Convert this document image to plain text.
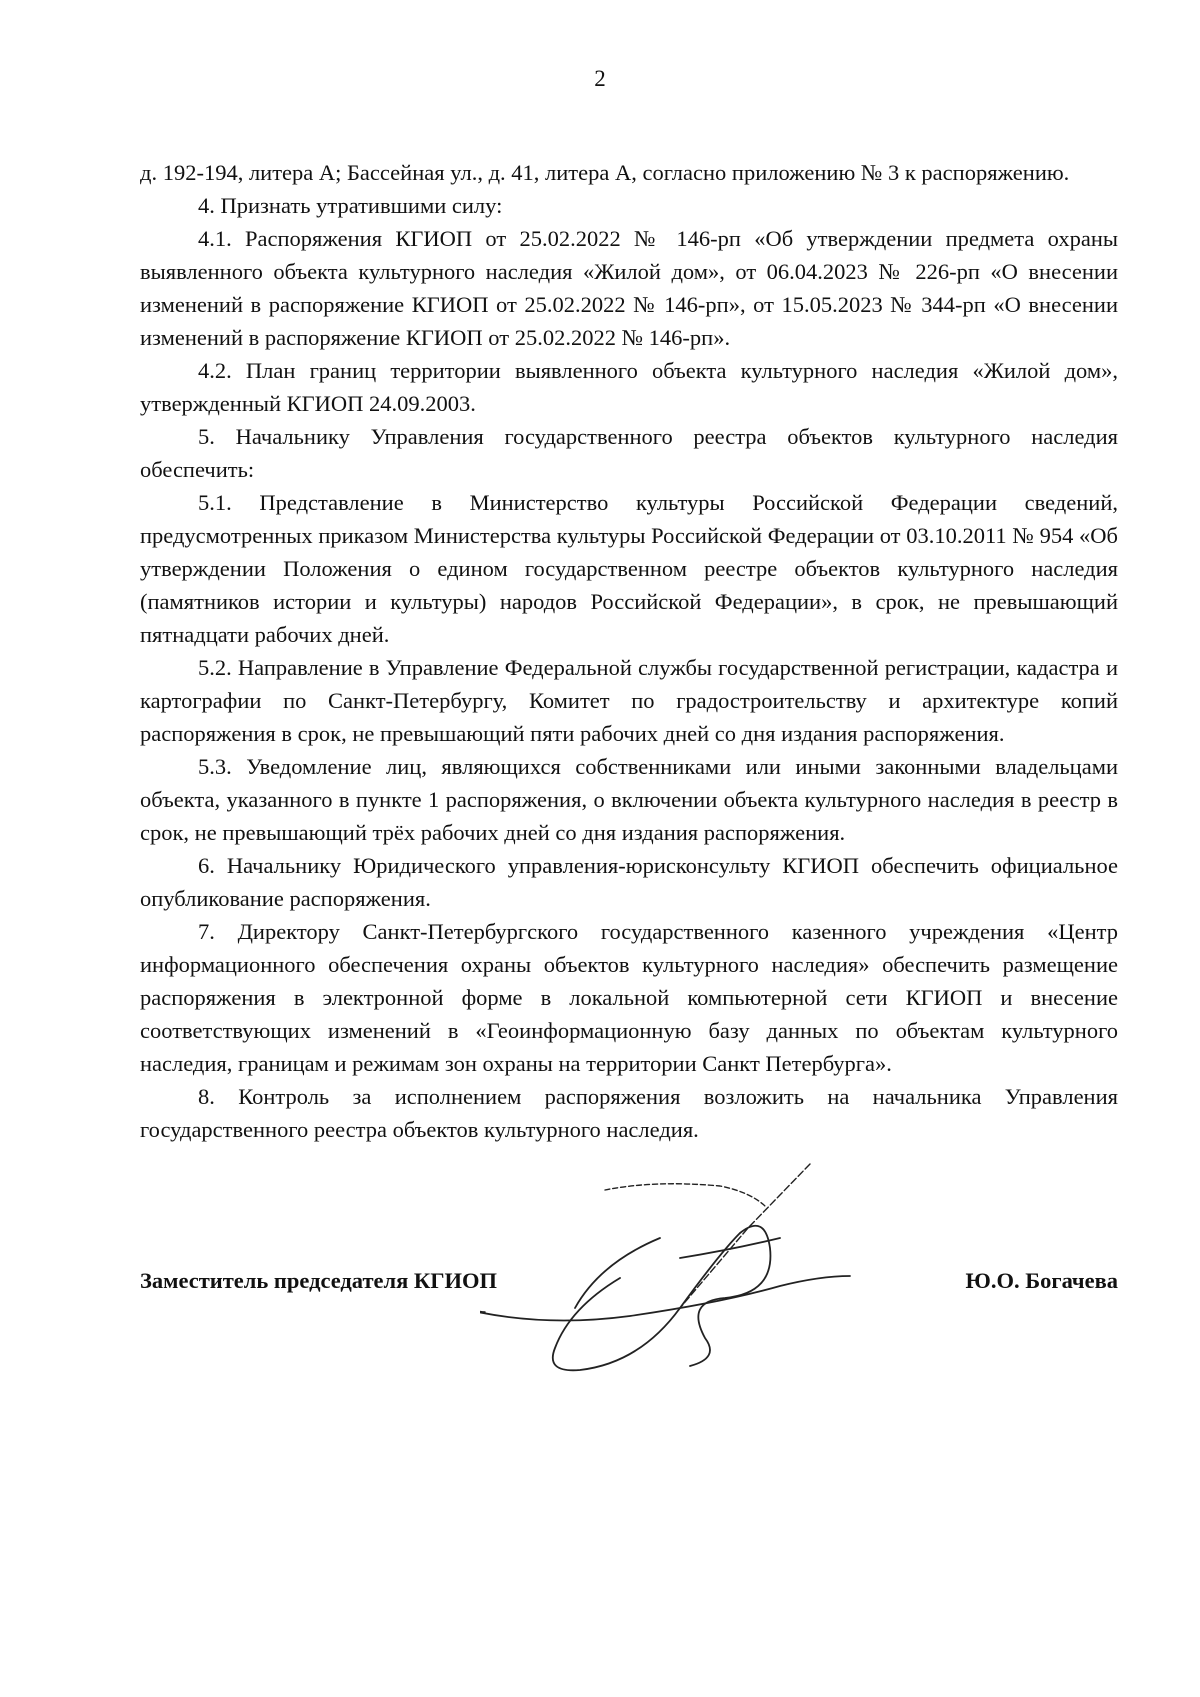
2

д. 192-194, литера А; Бассейная ул., д. 41, литера А, согласно приложению № 3 к распоряжению.

4. Признать утратившими силу:

4.1. Распоряжения КГИОП от 25.02.2022 № 146-рп «Об утверждении предмета охраны выявленного объекта культурного наследия «Жилой дом», от 06.04.2023 № 226-рп «О внесении изменений в распоряжение КГИОП от 25.02.2022 № 146-рп», от 15.05.2023 № 344-рп «О внесении изменений в распоряжение КГИОП от 25.02.2022 № 146-рп».

4.2. План границ территории выявленного объекта культурного наследия «Жилой дом», утвержденный КГИОП 24.09.2003.

5. Начальнику Управления государственного реестра объектов культурного наследия обеспечить:

5.1. Представление в Министерство культуры Российской Федерации сведений, предусмотренных приказом Министерства культуры Российской Федерации от 03.10.2011 № 954 «Об утверждении Положения о едином государственном реестре объектов культурного наследия (памятников истории и культуры) народов Российской Федерации», в срок, не превышающий пятнадцати рабочих дней.

5.2. Направление в Управление Федеральной службы государственной регистрации, кадастра и картографии по Санкт-Петербургу, Комитет по градостроительству и архитектуре копий распоряжения в срок, не превышающий пяти рабочих дней со дня издания распоряжения.

5.3. Уведомление лиц, являющихся собственниками или иными законными владельцами объекта, указанного в пункте 1 распоряжения, о включении объекта культурного наследия в реестр в срок, не превышающий трёх рабочих дней со дня издания распоряжения.

6. Начальнику Юридического управления-юрисконсульту КГИОП обеспечить официальное опубликование распоряжения.

7. Директору Санкт-Петербургского государственного казенного учреждения «Центр информационного обеспечения охраны объектов культурного наследия» обеспечить размещение распоряжения в электронной форме в локальной компьютерной сети КГИОП и внесение соответствующих изменений в «Геоинформационную базу данных по объектам культурного наследия, границам и режимам зон охраны на территории Санкт Петербурга».

8. Контроль за исполнением распоряжения возложить на начальника Управления государственного реестра объектов культурного наследия.

Заместитель председателя КГИОП	Ю.О. Богачева
